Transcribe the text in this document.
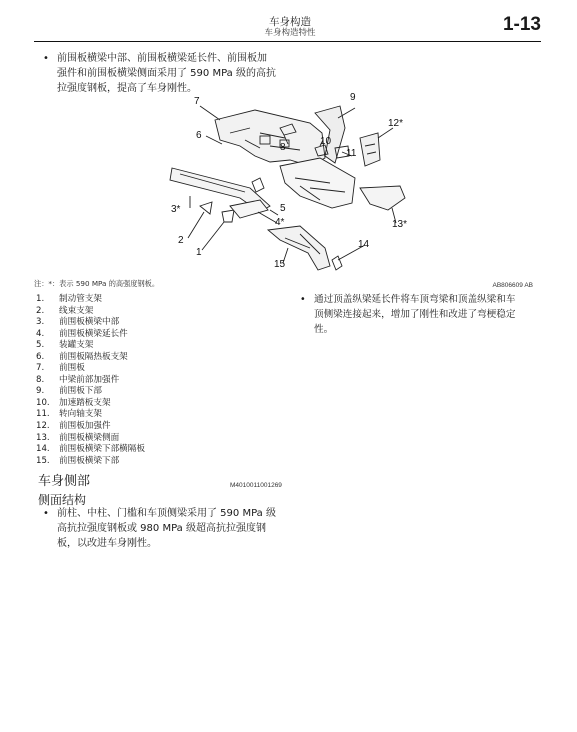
车身构造
车身构造特性	1-13
• 前围板横梁中部、前围板横梁延长件、前围板加
强件和前围板横梁侧面采用了 590 MPa 级的高抗
拉强度钢板，提高了车身刚性。
7
6
8
9
10
11
12*
5
3*
4*	13*
2	14
1
15
注：*：表示 590 MPa 的高强度钢板。	AB806609 AB
1. 制动管支架
2. 线束支架
3. 前围板横梁中部
4. 前围板横梁延长件
5. 装罐支架
6. 前围板隔热板支架
7. 前围板
8. 中梁前部加强件
9. 前围板下部
10. 加速踏板支架
11. 转向轴支架
12. 前围板加强件
13. 前围板横梁侧面
14. 前围板横梁下部横隔板
15. 前围板横梁下部
• 通过顶盖纵梁延长件将车顶弯梁和顶盖纵梁和车
顶侧梁连接起来，增加了刚性和改进了弯梗稳定
性。
车身侧部	M4010011001269
侧面结构
• 前柱、中柱、门槛和车顶侧梁采用了 590 MPa 级
高抗拉强度钢板或 980 MPa 级超高抗拉强度钢
板，以改进车身刚性。
